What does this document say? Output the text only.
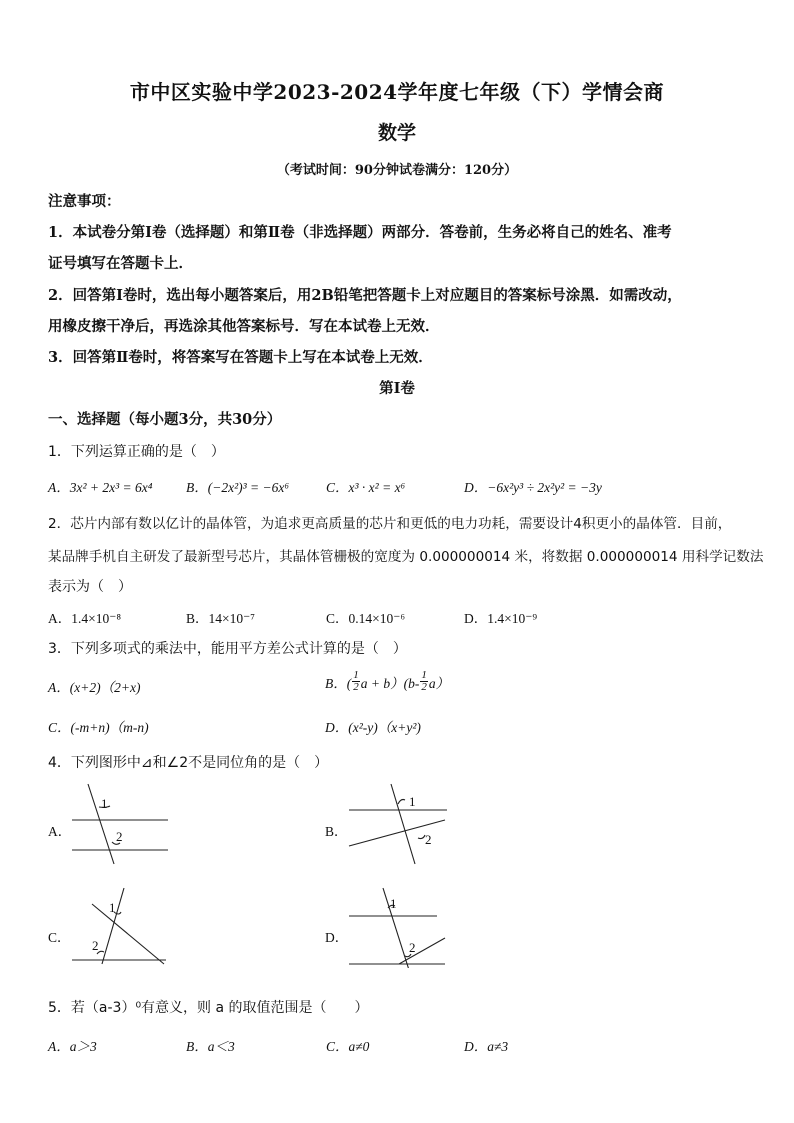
市中区实验中学2023-2024学年度七年级（下）学情会商
数学
（考试时间：90分钟试卷满分：120分）
注意事项：
1．本试卷分第Ⅰ卷（选择题）和第Ⅱ卷（非选择题）两部分．答卷前，生务必将自己的姓名、准考
证号填写在答题卡上．
2．回答第Ⅰ卷时，选出每小题答案后，用2B铅笔把答题卡上对应题目的答案标号涂黑．如需改动，
用橡皮擦干净后，再选涂其他答案标号．写在本试卷上无效．
3．回答第Ⅱ卷时，将答案写在答题卡上写在本试卷上无效．
第Ⅰ卷
一、选择题（每小题3分，共30分）
1．下列运算正确的是（　）
A．3x² + 2x³ = 6x⁴ B．(−2x²)³ = −6x⁶	C．x³ · x² = x⁶	D．−6x²y³ ÷ 2x²y² = −3y
2．芯片内部有数以亿计的晶体管，为追求更高质量的芯片和更低的电力功耗，需要设计4积更小的晶体管．目前，
某品牌手机自主研发了最新型号芯片，其晶体管栅极的宽度为 0.000000014 米，将数据 0.000000014 用科学记数法
表示为（　）
A．1.4×10⁻⁸	B．14×10⁻⁷	C．0.14×10⁻⁶	D．1.4×10⁻⁹
3．下列多项式的乘法中，能用平方差公式计算的是（　）
A．(x+2)（2+x)	B．( $\frac{1}{2}$ $a + b)(b- \frac{1}{2} a)$
C．(-m+n)（m-n)	D．(x²-y)（x+y²)
4．下列图形中⊿和∠2不是同位角的是（　）
A．
1
2	B．
1
2
C．
1
2
D．
1
2
5．若（a-3）⁰有意义，则 a 的取值范围是（　　）
A．a＞3	B．a＜3	C．a≠0	D．a≠3
